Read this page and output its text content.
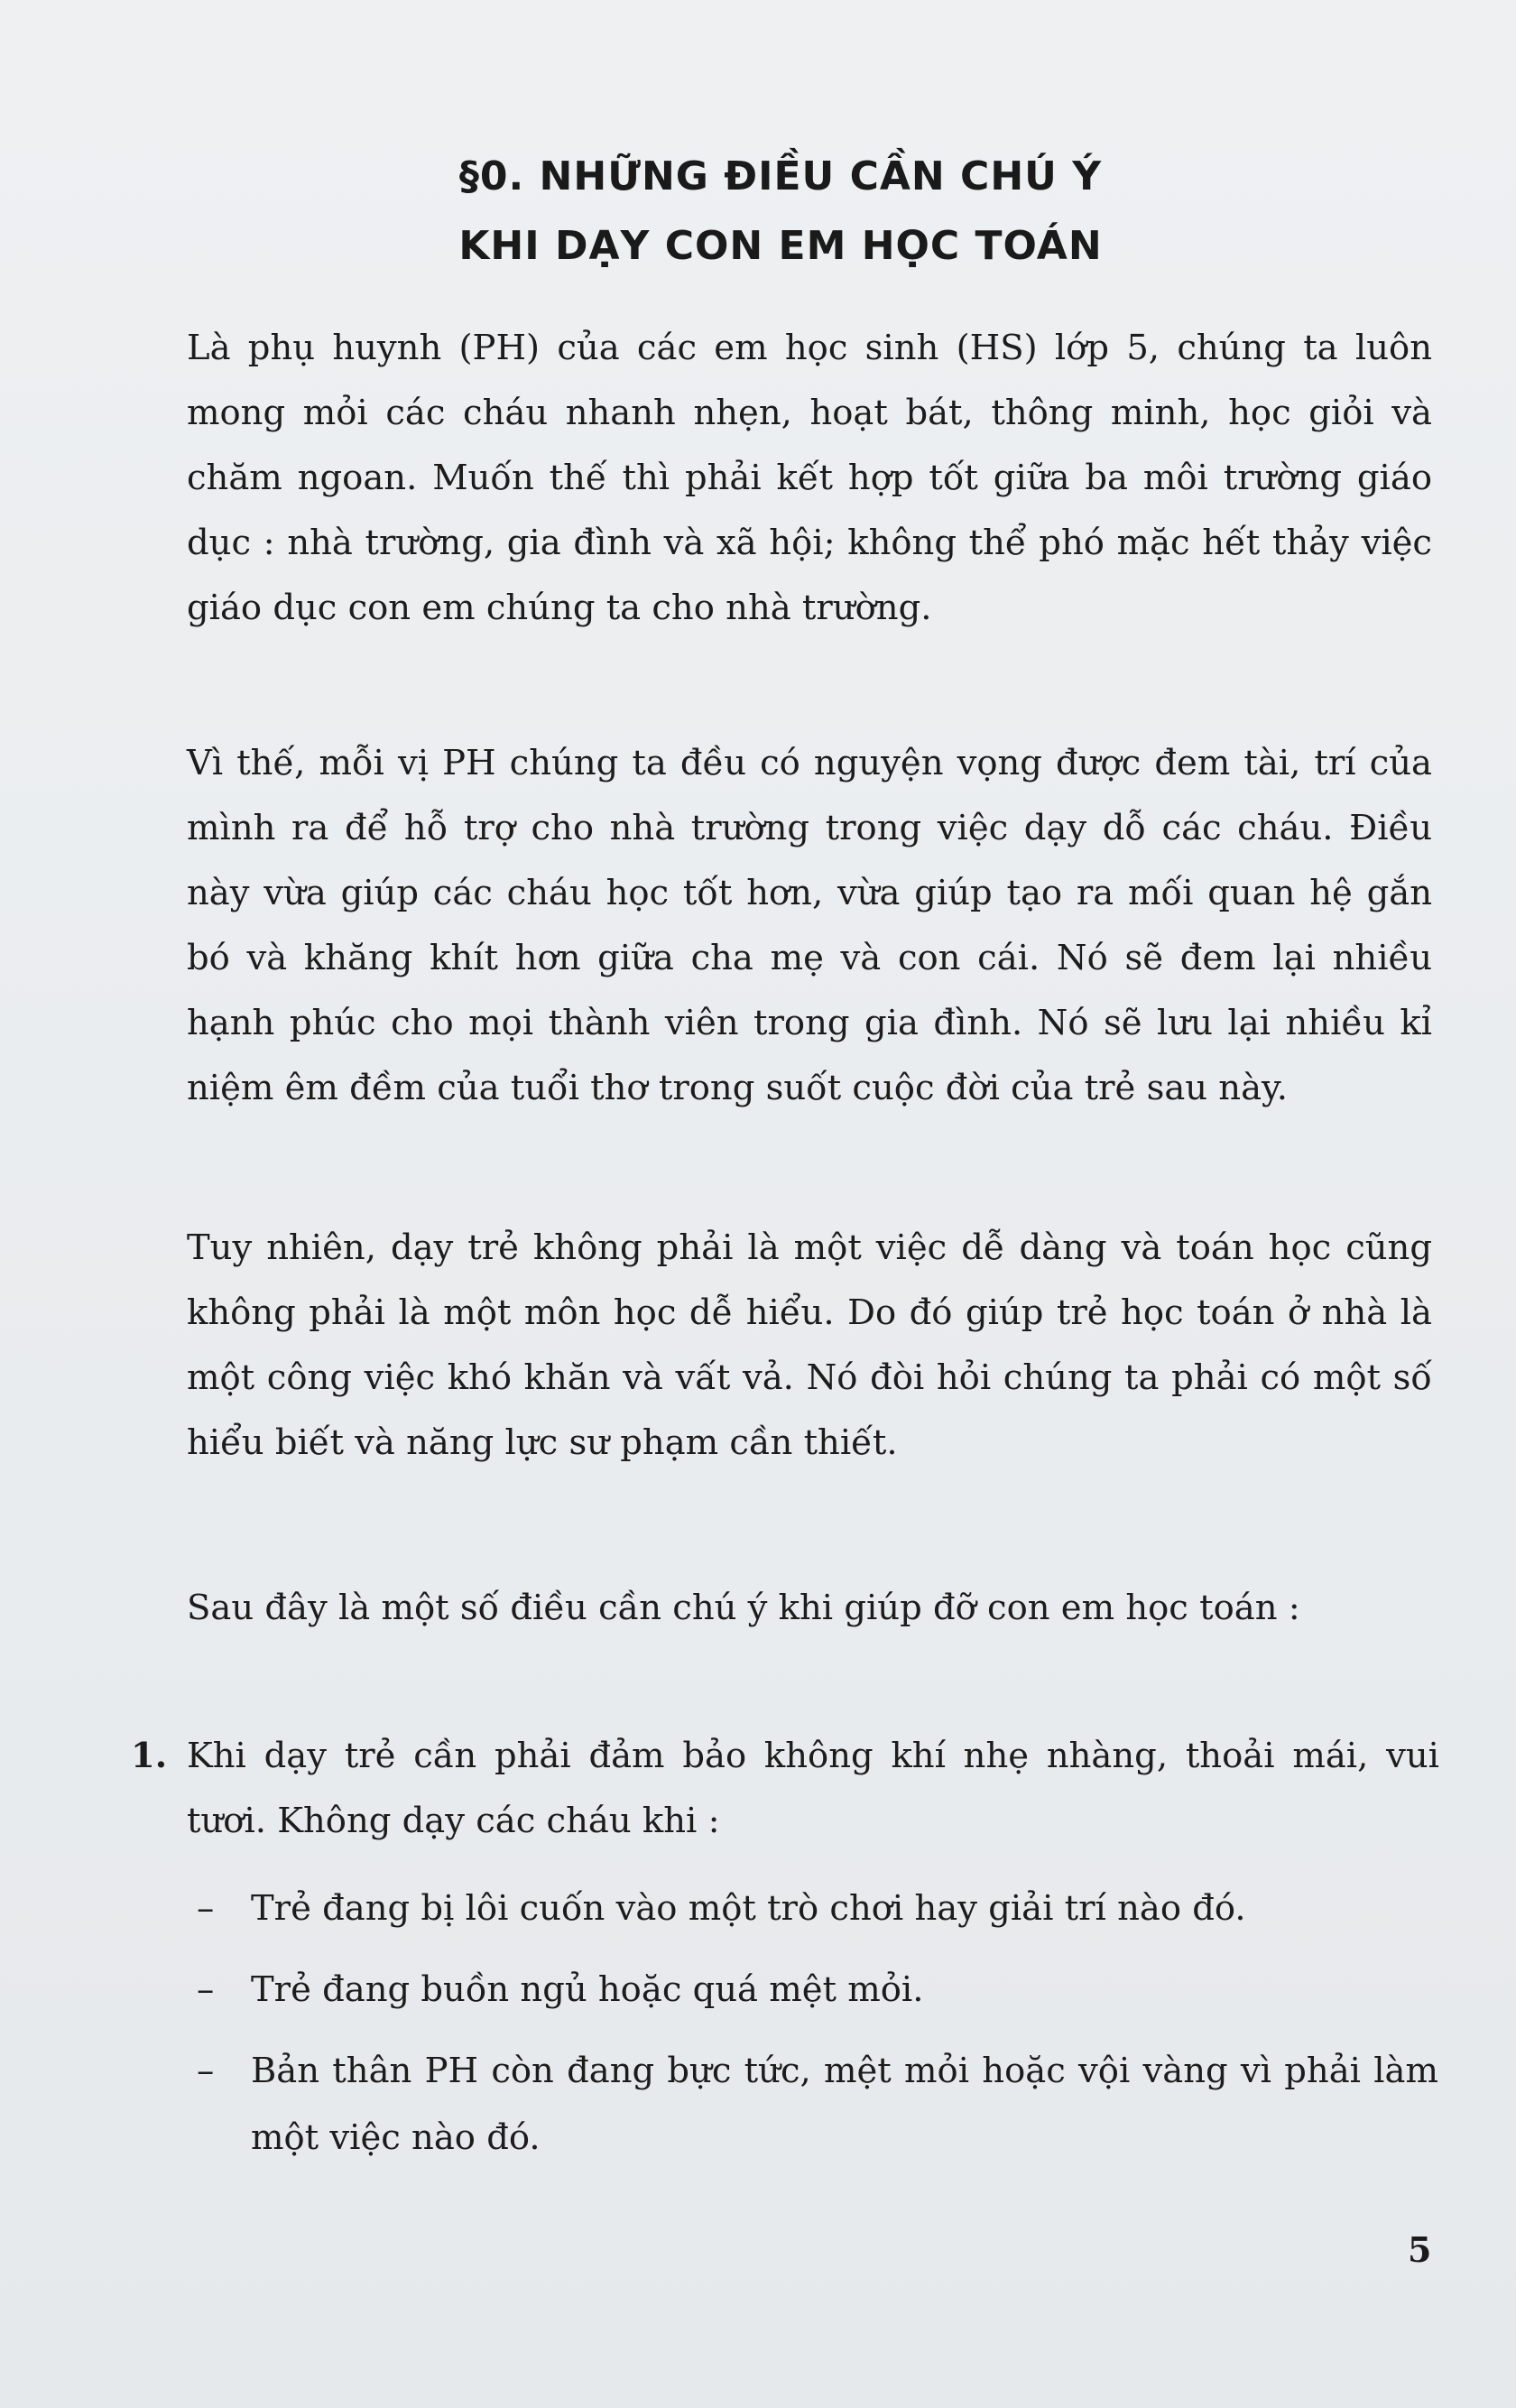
§0. NHỮNG ĐIỀU CẦN CHÚ Ý
KHI DẠY CON EM HỌC TOÁN
Là phụ huynh (PH) của các em học sinh (HS) lớp 5, chúng ta luôn mong mỏi các cháu nhanh nhẹn, hoạt bát, thông minh, học giỏi và chăm ngoan. Muốn thế thì phải kết hợp tốt giữa ba môi trường giáo dục : nhà trường, gia đình và xã hội; không thể phó mặc hết thảy việc giáo dục con em chúng ta cho nhà trường.
Vì thế, mỗi vị PH chúng ta đều có nguyện vọng được đem tài, trí của mình ra để hỗ trợ cho nhà trường trong việc dạy dỗ các cháu. Điều này vừa giúp các cháu học tốt hơn, vừa giúp tạo ra mối quan hệ gắn bó và khăng khít hơn giữa cha mẹ và con cái. Nó sẽ đem lại nhiều hạnh phúc cho mọi thành viên trong gia đình. Nó sẽ lưu lại nhiều kỉ niệm êm đềm của tuổi thơ trong suốt cuộc đời của trẻ sau này.
Tuy nhiên, dạy trẻ không phải là một việc dễ dàng và toán học cũng không phải là một môn học dễ hiểu. Do đó giúp trẻ học toán ở nhà là một công việc khó khăn và vất vả. Nó đòi hỏi chúng ta phải có một số hiểu biết và năng lực sư phạm cần thiết.
Sau đây là một số điều cần chú ý khi giúp đỡ con em học toán :
1. Khi dạy trẻ cần phải đảm bảo không khí nhẹ nhàng, thoải mái, vui tươi. Không dạy các cháu khi :
– Trẻ đang bị lôi cuốn vào một trò chơi hay giải trí nào đó.
– Trẻ đang buồn ngủ hoặc quá mệt mỏi.
– Bản thân PH còn đang bực tức, mệt mỏi hoặc vội vàng vì phải làm một việc nào đó.
5
